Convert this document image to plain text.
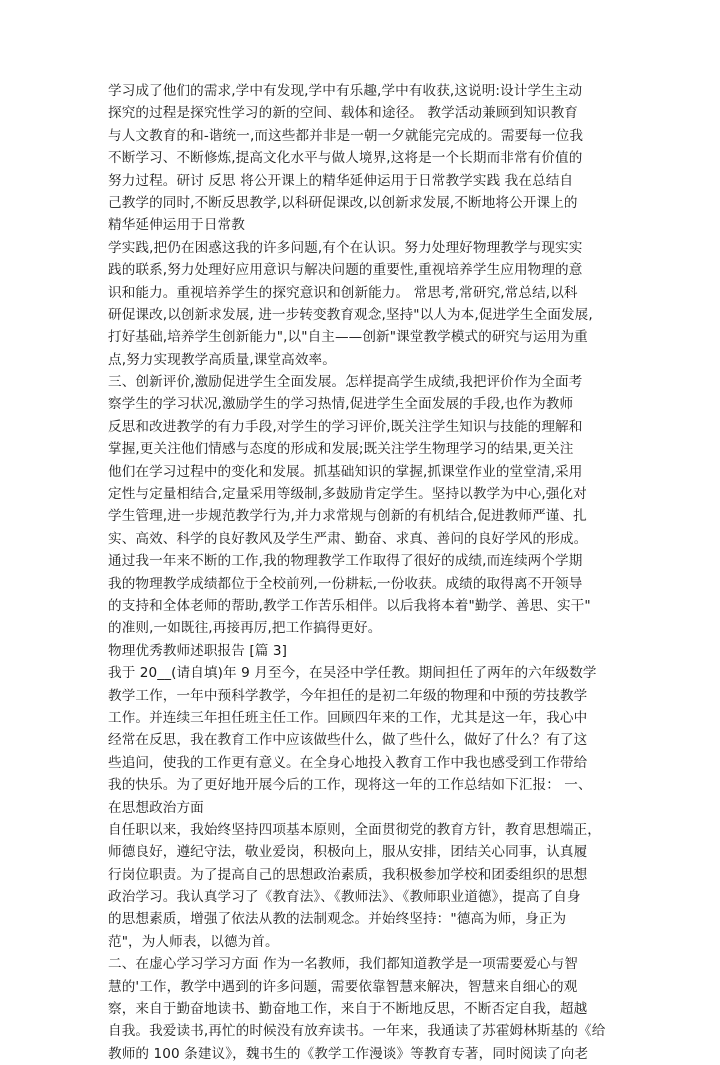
学习成了他们的需求,学中有发现,学中有乐趣,学中有收获,这说明:设计学生主动
探究的过程是探究性学习的新的空间、载体和途径。 教学活动兼顾到知识教育
与人文教育的和-谐统一,而这些都并非是一朝一夕就能完完成的。需要每一位我
不断学习、不断修炼,提高文化水平与做人境界,这将是一个长期而非常有价值的
努力过程。研讨 反思 将公开课上的精华延伸运用于日常教学实践 我在总结自
己教学的同时,不断反思教学,以科研促课改,以创新求发展,不断地将公开课上的
精华延伸运用于日常教
学实践,把仍在困惑这我的许多问题,有个在认识。努力处理好物理教学与现实实
践的联系,努力处理好应用意识与解决问题的重要性,重视培养学生应用物理的意
识和能力。重视培养学生的探究意识和创新能力。 常思考,常研究,常总结,以科
研促课改,以创新求发展, 进一步转变教育观念,坚持"以人为本,促进学生全面发展,
打好基础,培养学生创新能力",以"自主——创新"课堂教学模式的研究与运用为重
点,努力实现教学高质量,课堂高效率。
三、创新评价,激励促进学生全面发展。怎样提高学生成绩,我把评价作为全面考
察学生的学习状况,激励学生的学习热情,促进学生全面发展的手段,也作为教师
反思和改进教学的有力手段,对学生的学习评价,既关注学生知识与技能的理解和
掌握,更关注他们情感与态度的形成和发展;既关注学生物理学习的结果,更关注
他们在学习过程中的变化和发展。抓基础知识的掌握,抓课堂作业的堂堂清,采用
定性与定量相结合,定量采用等级制,多鼓励肯定学生。坚持以教学为中心,强化对
学生管理,进一步规范教学行为,并力求常规与创新的有机结合,促进教师严谨、扎
实、高效、科学的良好教风及学生严肃、勤奋、求真、善问的良好学风的形成。
通过我一年来不断的工作,我的物理教学工作取得了很好的成绩,而连续两个学期
我的物理教学成绩都位于全校前列,一份耕耘,一份收获。成绩的取得离不开领导
的支持和全体老师的帮助,教学工作苦乐相伴。以后我将本着"勤学、善思、实干"
的准则,一如既往,再接再厉,把工作搞得更好。
物理优秀教师述职报告 [篇 3]
我于 20__(请自填)年 9 月至今，在吴泾中学任教。期间担任了两年的六年级数学
教学工作，一年中预科学教学，今年担任的是初二年级的物理和中预的劳技教学
工作。并连续三年担任班主任工作。回顾四年来的工作，尤其是这一年，我心中
经常在反思，我在教育工作中应该做些什么，做了些什么，做好了什么？有了这
些追问，使我的工作更有意义。在全身心地投入教育工作中我也感受到工作带给
我的快乐。为了更好地开展今后的工作，现将这一年的工作总结如下汇报： 一、
在思想政治方面
自任职以来，我始终坚持四项基本原则，全面贯彻党的教育方针，教育思想端正，
师德良好，遵纪守法，敬业爱岗，积极向上，服从安排，团结关心同事，认真履
行岗位职责。为了提高自己的思想政治素质，我积极参加学校和团委组织的思想
政治学习。我认真学习了《教育法》、《教师法》、《教师职业道德》，提高了自身
的思想素质，增强了依法从教的法制观念。并始终坚持："德高为师，身正为
范"，为人师表，以德为首。
二、在虚心学习学习方面 作为一名教师，我们都知道教学是一项需要爱心与智
慧的'工作，教学中遇到的许多问题，需要依靠智慧来解决，智慧来自细心的观
察，来自于勤奋地读书、勤奋地工作，来自于不断地反思，不断否定自我，超越
自我。我爱读书,再忙的时候没有放弃读书。一年来，我通读了苏霍姆林斯基的《给
教师的 100 条建议》，魏书生的《教学工作漫谈》等教育专著，同时阅读了向老
